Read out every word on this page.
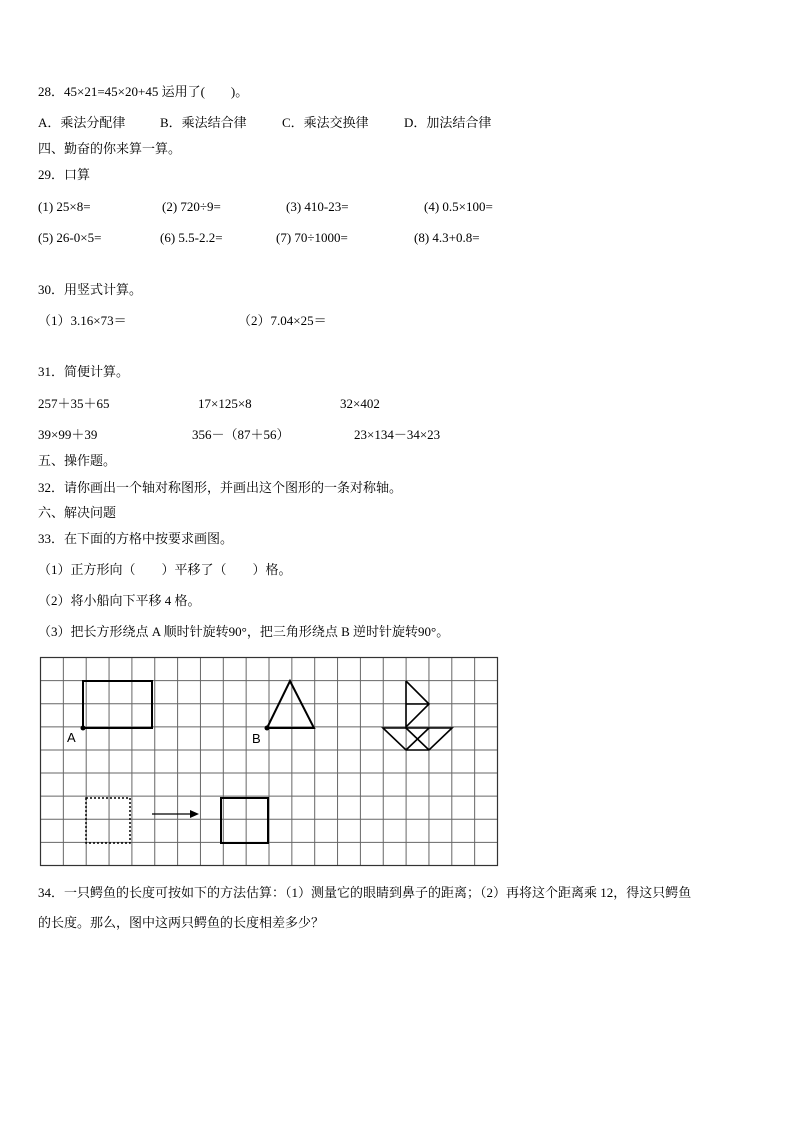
28．45×21=45×20+45 运用了(　　)。
A．乘法分配律	B．乘法结合律	C．乘法交换律	D．加法结合律
四、勤奋的你来算一算。
29．口算
(1) 25×8=	(2) 720÷9=	(3) 410-23=	(4) 0.5×100=
(5) 26-0×5=	(6) 5.5-2.2=	(7) 70÷1000=	(8) 4.3+0.8=
30．用竖式计算。
（1）3.16×73＝	（2）7.04×25＝
31．简便计算。
257＋35＋65	17×125×8	32×402
39×99＋39	356－（87＋56）	23×134－34×23
五、操作题。
32．请你画出一个轴对称图形，并画出这个图形的一条对称轴。
六、解决问题
33．在下面的方格中按要求画图。
（1）正方形向（　　）平移了（　　）格。
（2）将小船向下平移 4 格。
（3）把长方形绕点 A 顺时针旋转90°，把三角形绕点 B 逆时针旋转90°。
A	B
34．一只鳄鱼的长度可按如下的方法估算：（1）测量它的眼睛到鼻子的距离；（2）再将这个距离乘 12，得这只鳄鱼
的长度。那么，图中这两只鳄鱼的长度相差多少？
